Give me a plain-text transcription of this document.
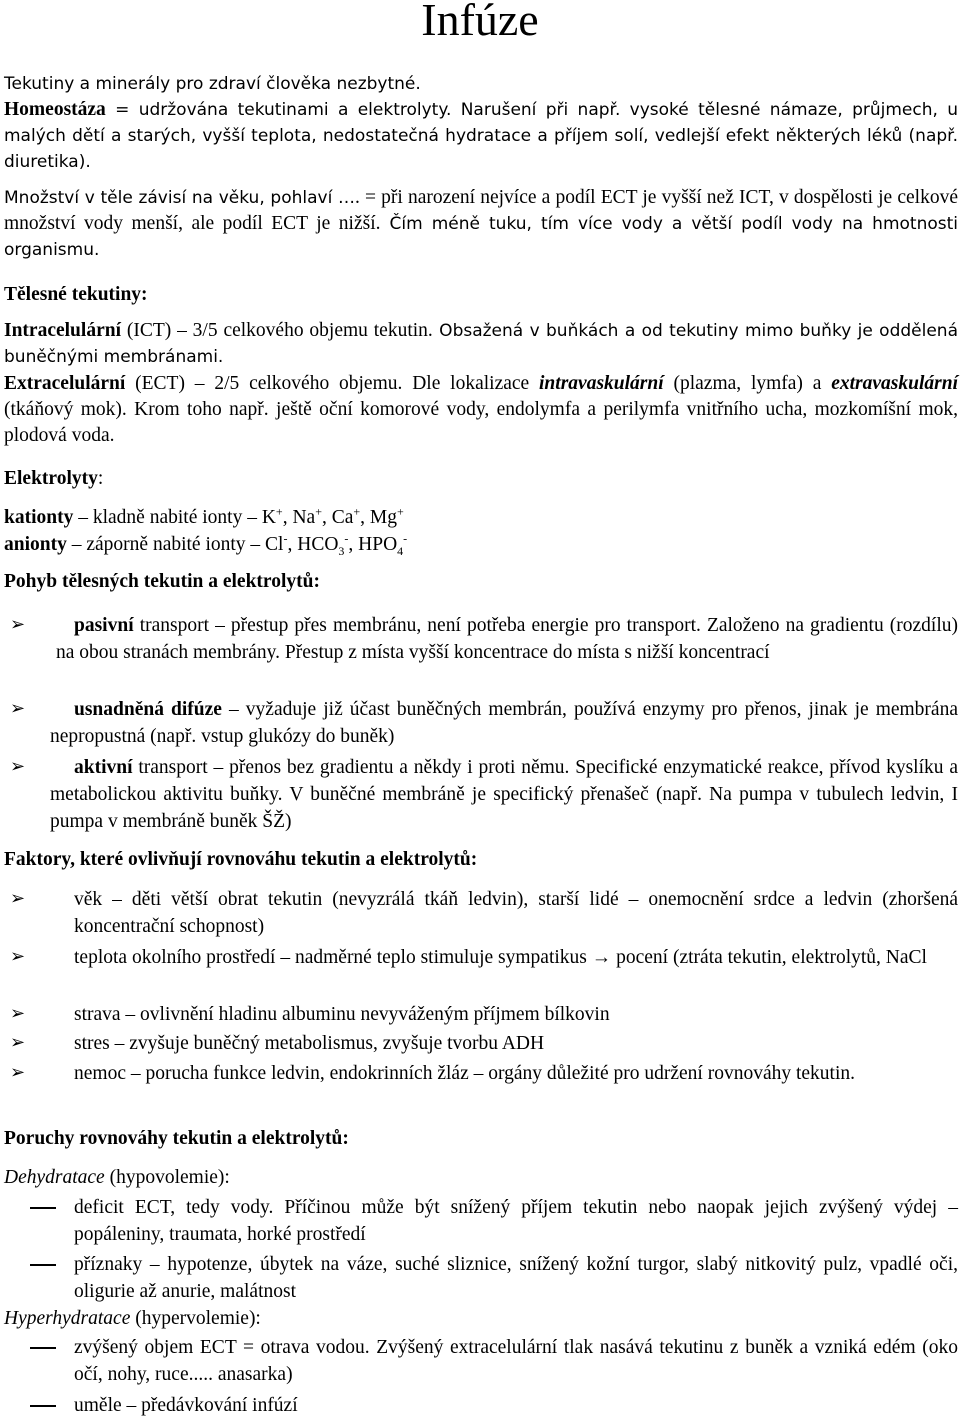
Infúze
Tekutiny a minerály pro zdraví člověka nezbytné.
Homeostáza = udržována tekutinami a elektrolyty. Narušení při např. vysoké tělesné námaze, průjmech, u malých dětí a starých, vyšší teplota, nedostatečná hydratace a příjem solí, vedlejší efekt některých léků (např. diuretika).
Množství v těle závisí na věku, pohlaví …. = při narození nejvíce a podíl ECT je vyšší než ICT, v dospělosti je celkové množství vody menší, ale podíl ECT je nižší. Čím méně tuku, tím více vody a větší podíl vody na hmotnosti organismu.
Tělesné tekutiny:
Intracelulární (ICT) – 3/5 celkového objemu tekutin. Obsažená v buňkách a od tekutiny mimo buňky je oddělená buněčnými membránami.
Extracelulární (ECT) – 2/5 celkového objemu. Dle lokalizace intravaskulární (plazma, lymfa) a extravaskulární (tkáňový mok). Krom toho např. ještě oční komorové vody, endolymfa a perilymfa vnitřního ucha, mozkomíšní mok, plodová voda.
Elektrolyty:
kationty – kladně nabité ionty – K+, Na+, Ca+, Mg+
anionty – záporně nabité ionty – Cl-, $HCO_3^-$, $HPO_4^-$
Pohyb tělesných tekutin a elektrolytů:
➢	pasivní transport – přestup přes membránu, není potřeba energie pro transport. Založeno na gradientu (rozdílu) na obou stranách membrány. Přestup z místa vyšší koncentrace do místa s nižší koncentrací
➢	usnadněná difúze – vyžaduje již účast buněčných membrán, používá enzymy pro přenos, jinak je membrána nepropustná (např. vstup glukózy do buněk)
➢	aktivní transport – přenos bez gradientu a někdy i proti němu. Specifické enzymatické reakce, přívod kyslíku a metabolickou aktivitu buňky. V buněčné membráně je specifický přenašeč (např. Na pumpa v tubulech ledvin, I pumpa v membráně buněk ŠŽ)
Faktory, které ovlivňují rovnováhu tekutin a elektrolytů:
➢	věk – děti větší obrat tekutin (nevyzrálá tkáň ledvin), starší lidé – onemocnění srdce a ledvin (zhoršená koncentrační schopnost)
➢	teplota okolního prostředí – nadměrné teplo stimuluje sympatikus → pocení (ztráta tekutin, elektrolytů, NaCl
➢	strava – ovlivnění hladinu albuminu nevyváženým příjmem bílkovin
➢	stres – zvyšuje buněčný metabolismus, zvyšuje tvorbu ADH
➢	nemoc – porucha funkce ledvin, endokrinních žláz – orgány důležité pro udržení rovnováhy tekutin.
Poruchy rovnováhy tekutin a elektrolytů:
Dehydratace (hypovolemie):
deficit ECT, tedy vody. Příčinou může být snížený příjem tekutin nebo naopak jejich zvýšený výdej – popáleniny, traumata, horké prostředí
příznaky – hypotenze, úbytek na váze, suché sliznice, snížený kožní turgor, slabý nitkovitý pulz, vpadlé oči, oligurie až anurie, malátnost
Hyperhydratace (hypervolemie):
zvýšený objem ECT = otrava vodou. Zvýšený extracelulární tlak nasává tekutinu z buněk a vzniká edém (oko očí, nohy, ruce..... anasarka)
uměle – předávkování infúzí
